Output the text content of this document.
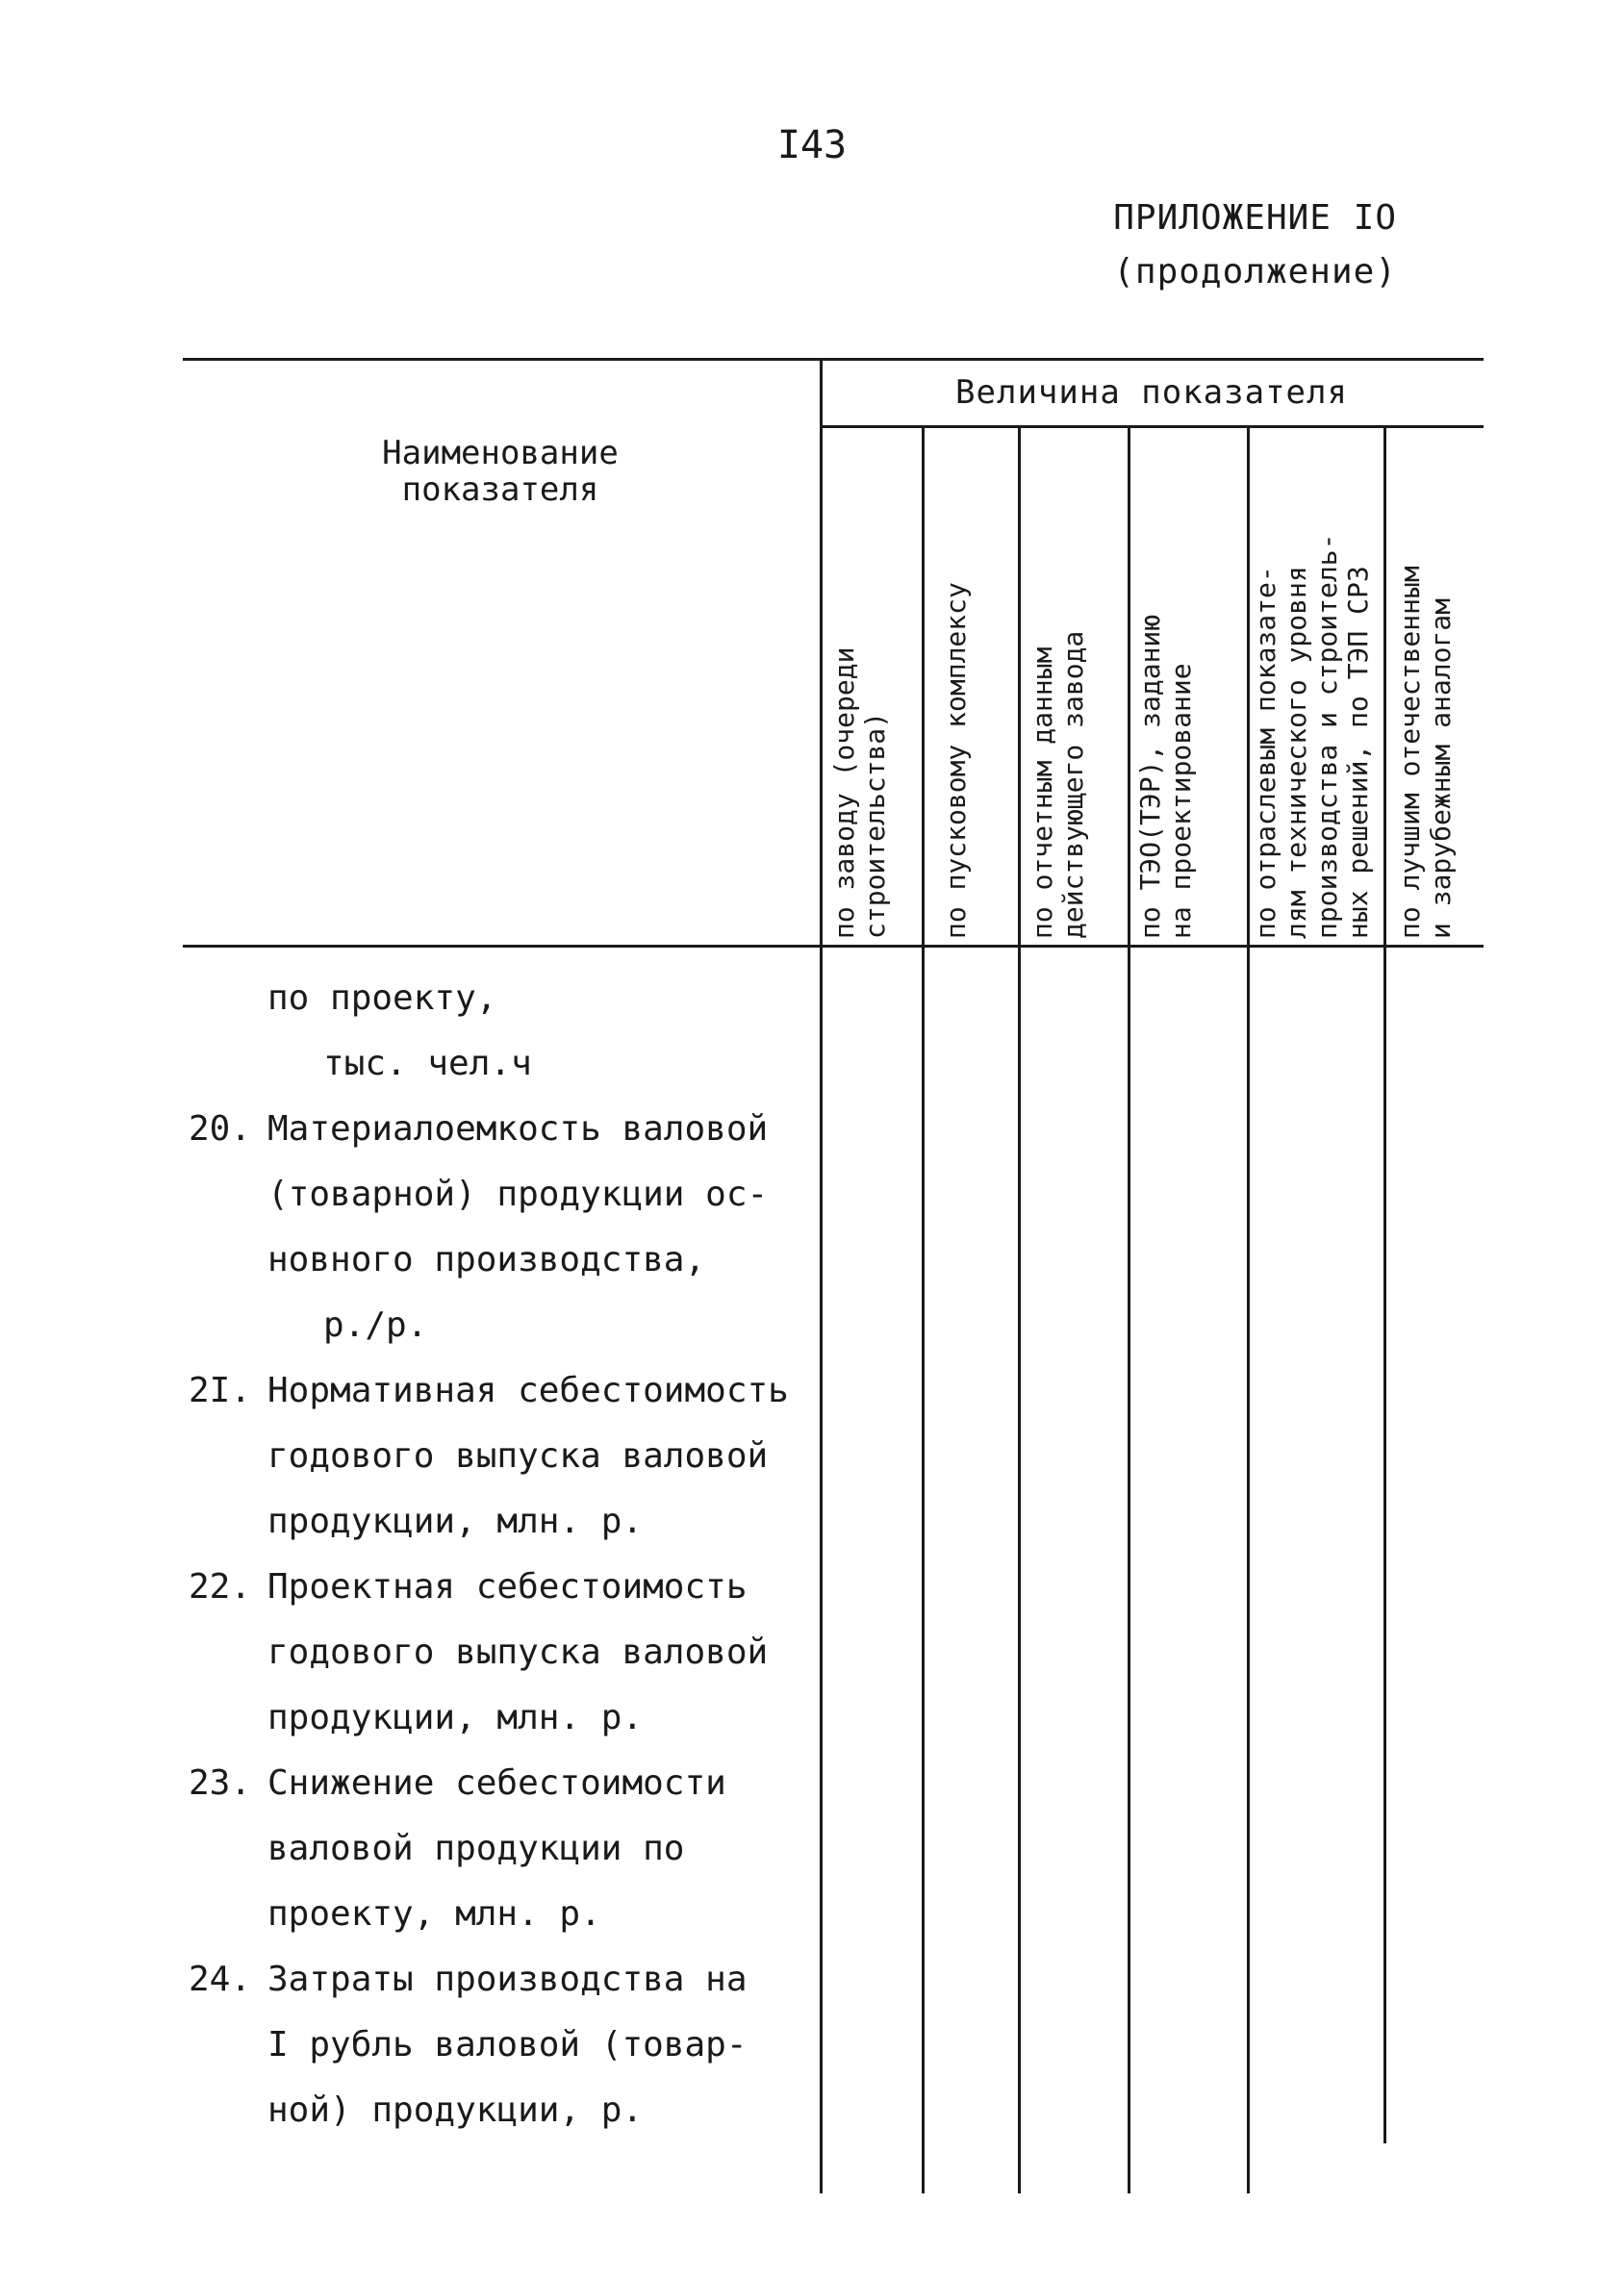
I43
ПРИЛОЖЕНИЕ IO
(продолжение)
Наименование
показателя
Величина показателя
по заводу (очереди строительства) по пусковому комплексу по отчетным данным действующего завода по ТЭО(ТЭР), заданию на проектирование по отраслевым показате- лям технического уровня производства и строитель- ных решений, по ТЭП СРЗ по лучшим отечественным и зарубежным аналогам
по проекту,
тыс. чел.ч
20. Материалоемкость валовой
(товарной) продукции ос-
новного производства,
р./р.
2I. Нормативная себестоимость
годового выпуска валовой
продукции, млн. р.
22. Проектная себестоимость
годового выпуска валовой
продукции, млн. р.
23. Снижение себестоимости
валовой продукции по
проекту, млн. р.
24. Затраты производства на
I рубль валовой (товар-
ной) продукции, р.
